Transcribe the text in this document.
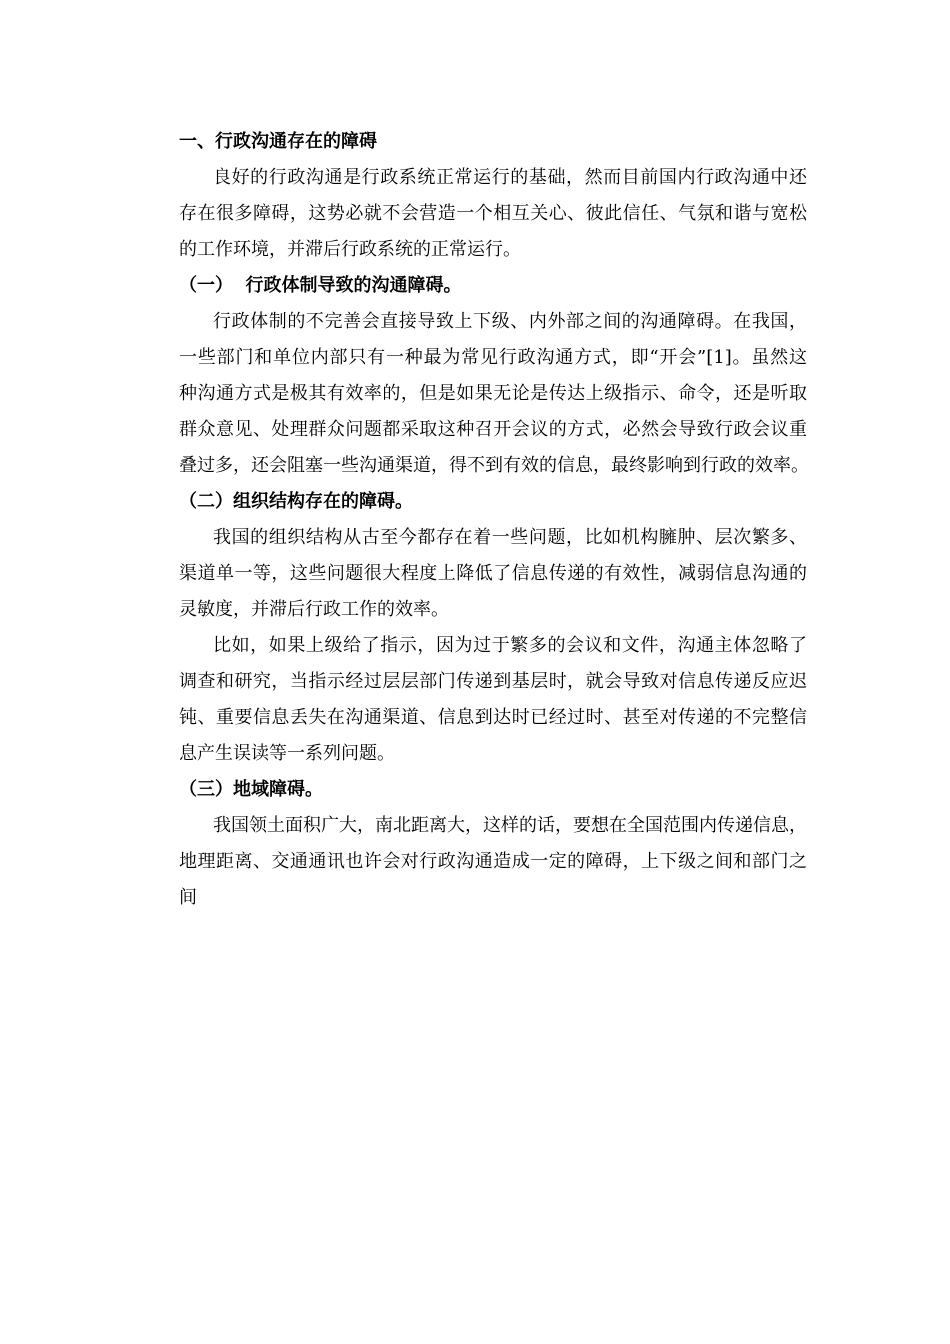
一、行政沟通存在的障碍
良好的行政沟通是行政系统正常运行的基础，然而目前国内行政沟通中还
存在很多障碍，这势必就不会营造一个相互关心、彼此信任、气氛和谐与宽松
的工作环境，并滞后行政系统的正常运行。
（一）  行政体制导致的沟通障碍。
行政体制的不完善会直接导致上下级、内外部之间的沟通障碍。在我国，
一些部门和单位内部只有一种最为常见行政沟通方式，即“开会”[1]。虽然这
种沟通方式是极其有效率的，但是如果无论是传达上级指示、命令，还是听取
群众意见、处理群众问题都采取这种召开会议的方式，必然会导致行政会议重
叠过多，还会阻塞一些沟通渠道，得不到有效的信息，最终影响到行政的效率。
（二）组织结构存在的障碍。
我国的组织结构从古至今都存在着一些问题，比如机构臃肿、层次繁多、
渠道单一等，这些问题很大程度上降低了信息传递的有效性，减弱信息沟通的
灵敏度，并滞后行政工作的效率。
比如，如果上级给了指示，因为过于繁多的会议和文件，沟通主体忽略了
调查和研究，当指示经过层层部门传递到基层时，就会导致对信息传递反应迟
钝、重要信息丢失在沟通渠道、信息到达时已经过时、甚至对传递的不完整信
息产生误读等一系列问题。
（三）地域障碍。
我国领土面积广大，南北距离大，这样的话，要想在全国范围内传递信息，
地理距离、交通通讯也许会对行政沟通造成一定的障碍，上下级之间和部门之
间
